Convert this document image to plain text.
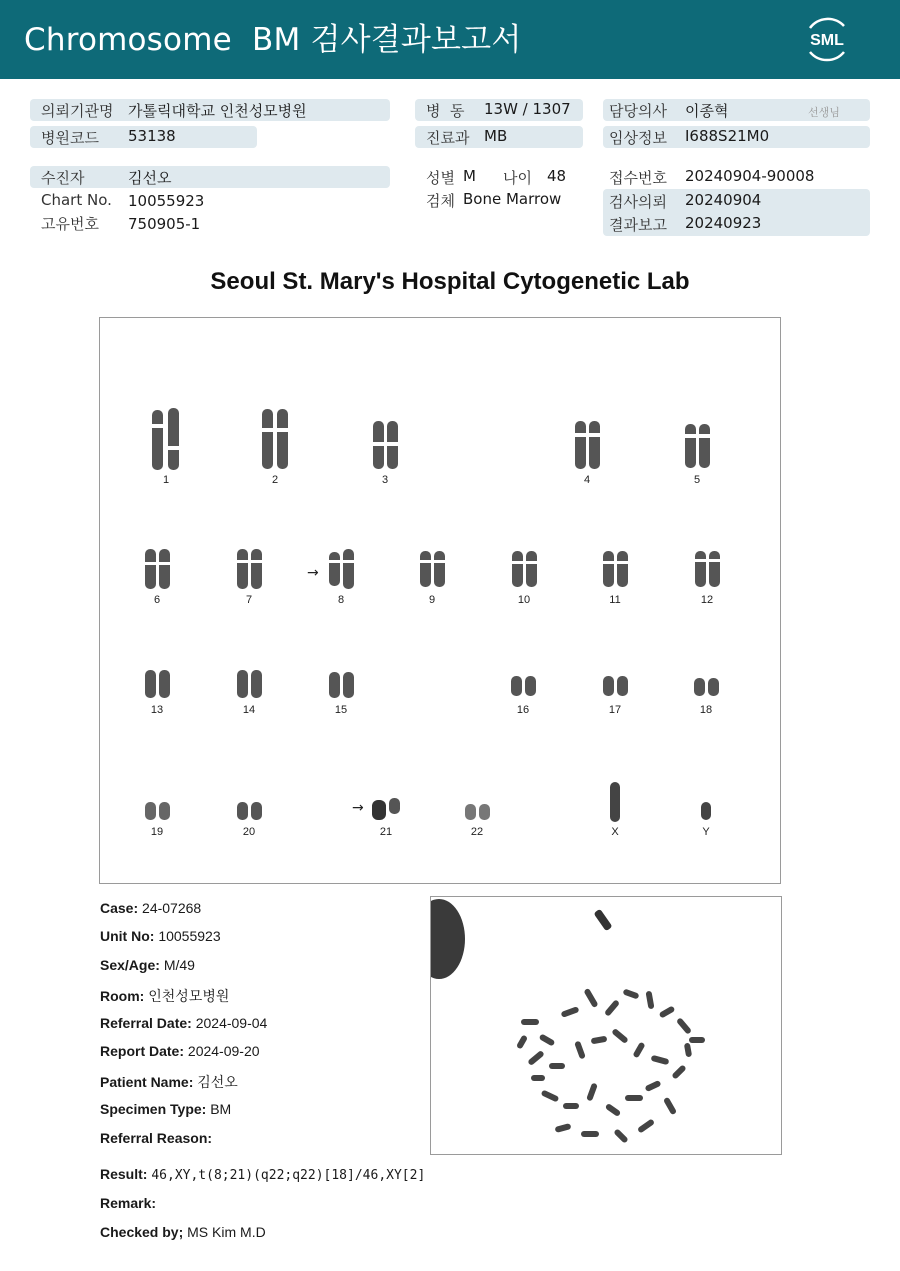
Chromosome  BM 검사결과보고서	SML
의뢰기관명 가톨릭대학교 인천성모병원
병원코드 53138
병  동 13W / 1307
진료과 MB
담당의사 이종혁	선생님
임상정보 I688S21M0
수진자	김선오
Chart No. 10055923
고유번호 750905-1
성별 M 나이 48
검체 Bone Marrow
접수번호 20240904-90008
검사의뢰 20240904
결과보고 20240923
Seoul St. Mary's Hospital Cytogenetic Lab
1	2	3	4	5
6	7
→
8	9	10	11	12
13	14	15	16	17	18
19	20
→
21	22	X	Y
Case: 24-07268
Unit No: 10055923
Sex/Age: M/49
Room: 인천성모병원
Referral Date: 2024-09-04
Report Date: 2024-09-20
Patient Name: 김선오
Specimen Type: BM
Referral Reason:
Result: 46,XY,t(8;21)(q22;q22)[18]/46,XY[2]
Remark:
Checked by; MS Kim M.D
